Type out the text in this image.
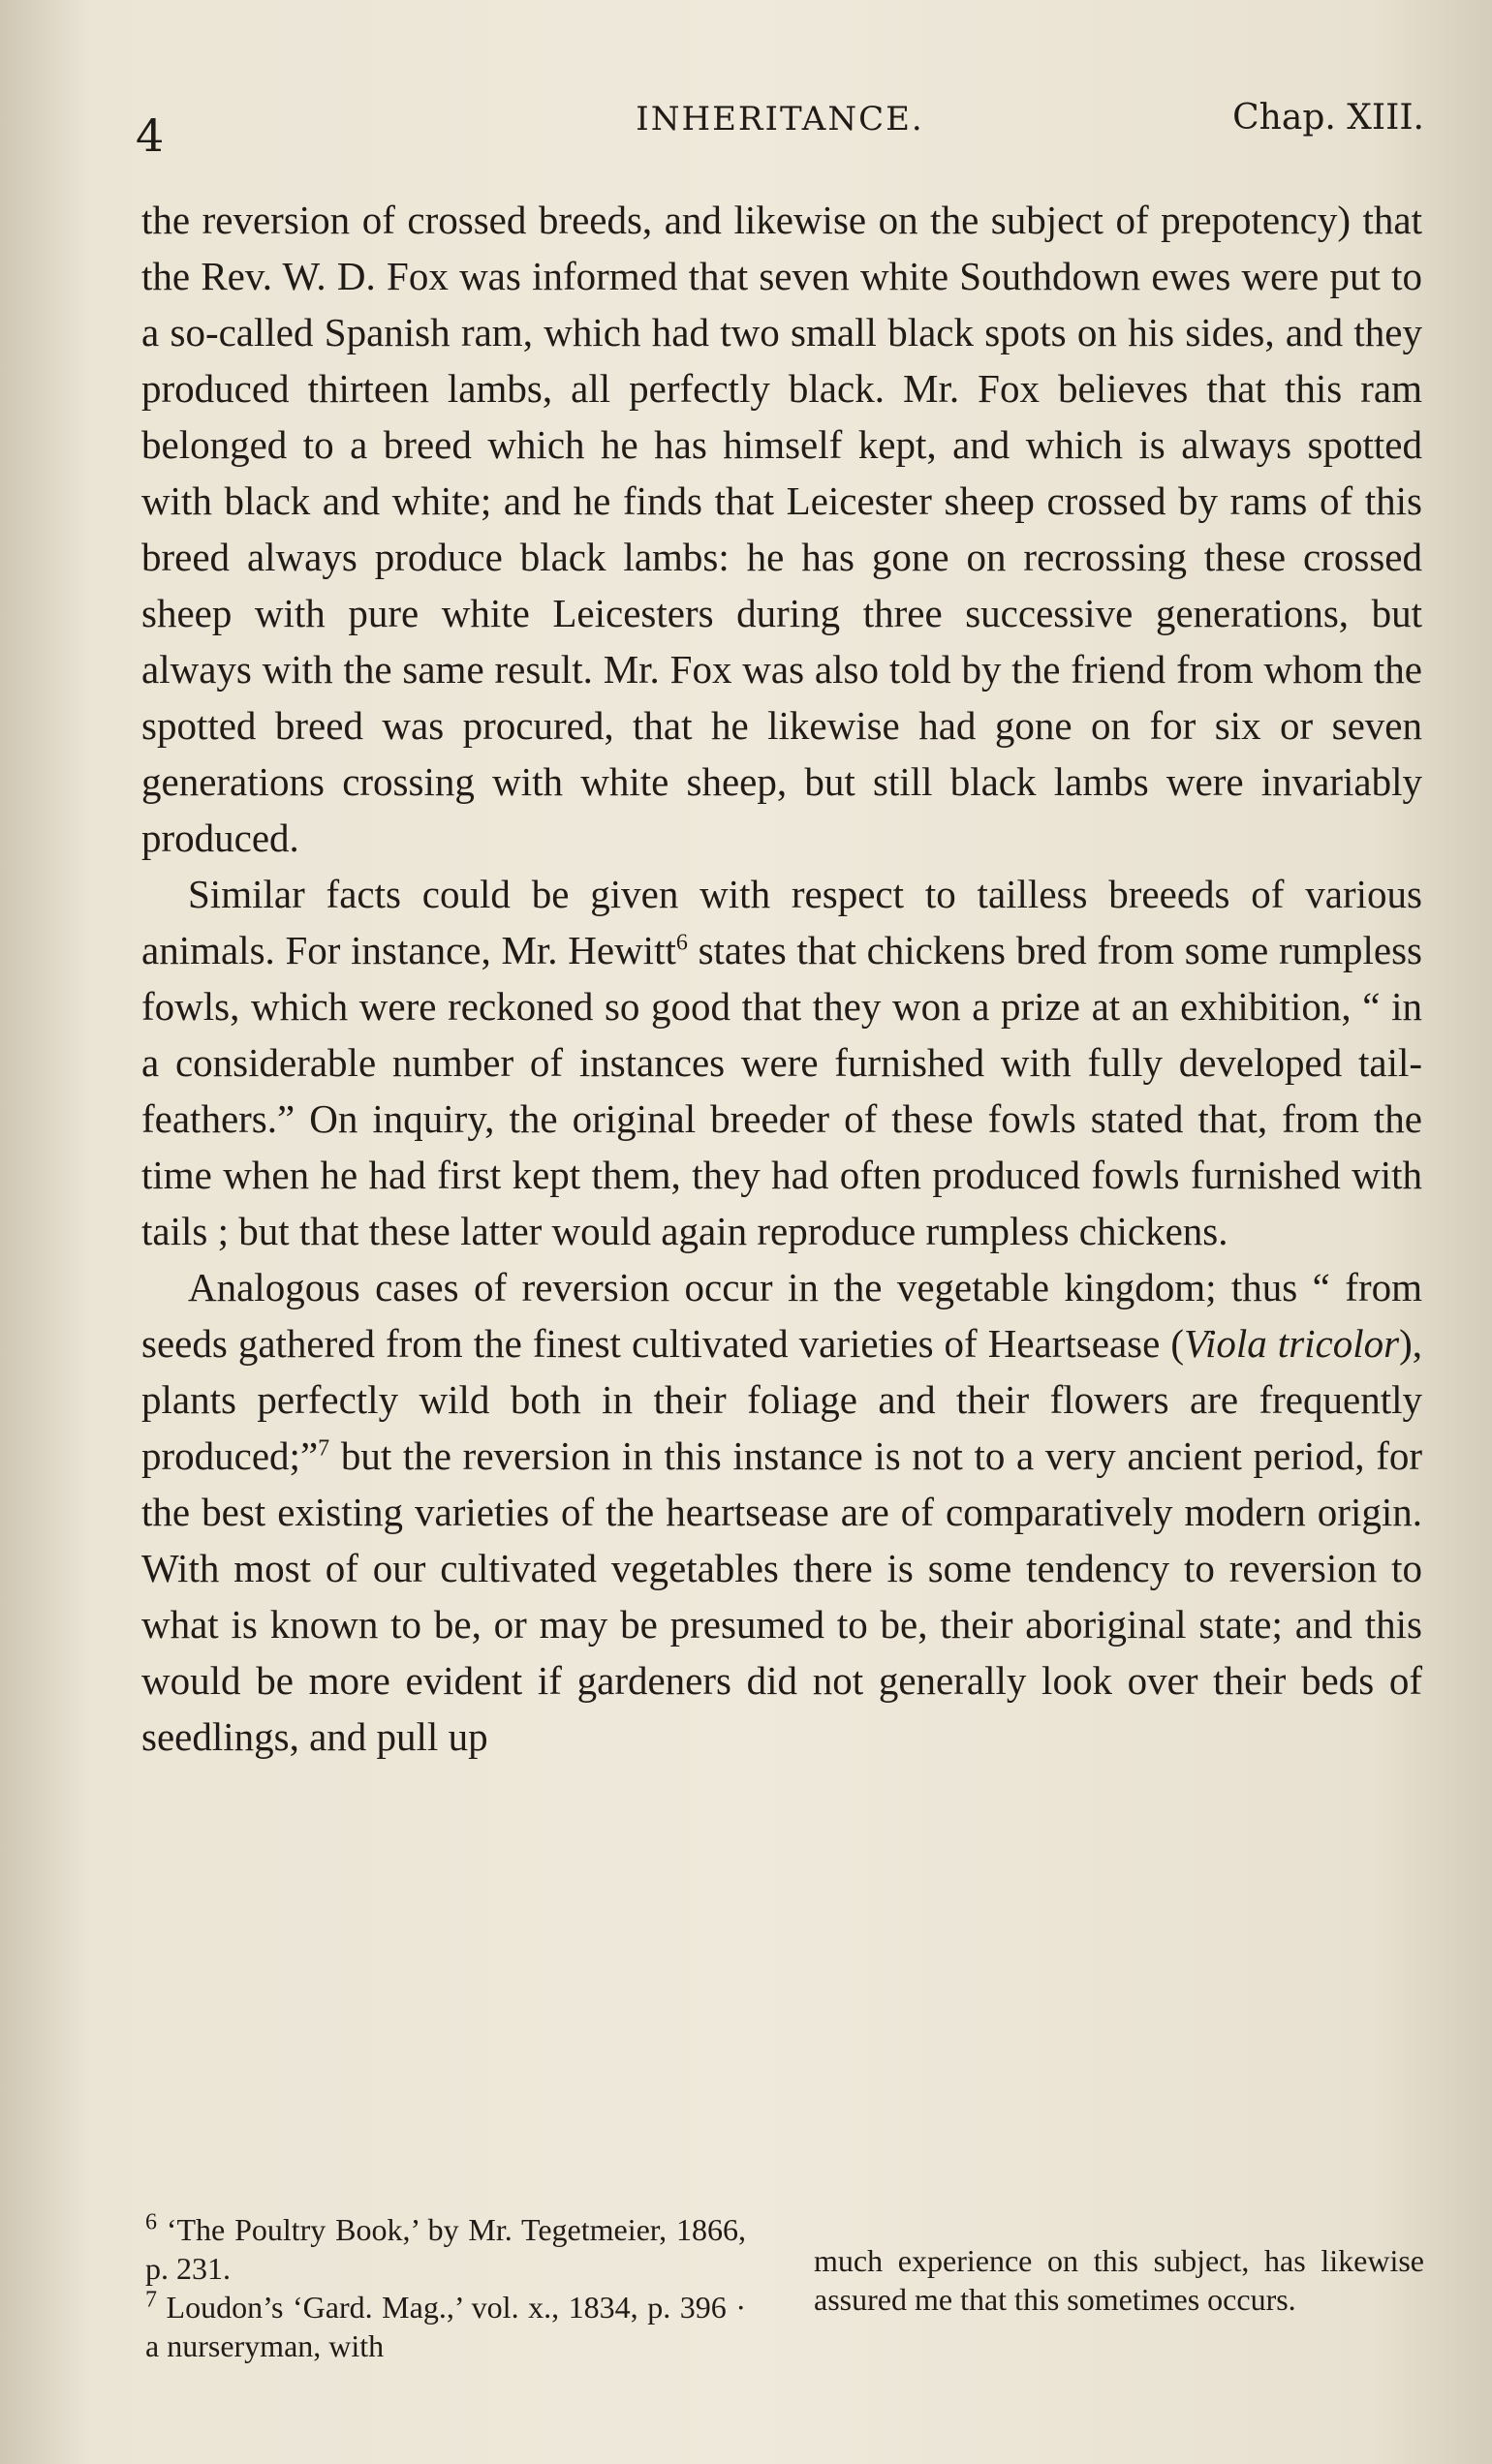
4	INHERITANCE.	Chap. XIII.

the reversion of crossed breeds, and likewise on the subject of prepotency) that the Rev. W. D. Fox was informed that seven white Southdown ewes were put to a so-called Spanish ram, which had two small black spots on his sides, and they produced thirteen lambs, all perfectly black. Mr. Fox believes that this ram belonged to a breed which he has himself kept, and which is always spotted with black and white; and he finds that Leicester sheep crossed by rams of this breed always produce black lambs: he has gone on recrossing these crossed sheep with pure white Leicesters during three successive generations, but always with the same result. Mr. Fox was also told by the friend from whom the spotted breed was procured, that he likewise had gone on for six or seven generations crossing with white sheep, but still black lambs were invariably produced.

Similar facts could be given with respect to tailless breeeds of various animals. For instance, Mr. Hewitt$^6$ states that chickens bred from some rumpless fowls, which were reckoned so good that they won a prize at an exhibition, “ in a considerable number of instances were furnished with fully developed tail-feathers.” On inquiry, the original breeder of these fowls stated that, from the time when he had first kept them, they had often produced fowls furnished with tails ; but that these latter would again reproduce rumpless chickens.

Analogous cases of reversion occur in the vegetable kingdom; thus “ from seeds gathered from the finest cultivated varieties of Heartsease (Viola tricolor), plants perfectly wild both in their foliage and their flowers are frequently produced;”$^7$ but the reversion in this instance is not to a very ancient period, for the best existing varieties of the heartsease are of comparatively modern origin. With most of our cultivated vegetables there is some tendency to reversion to what is known to be, or may be presumed to be, their aboriginal state; and this would be more evident if gardeners did not generally look over their beds of seedlings, and pull up

$^6$ ‘The Poultry Book,’ by Mr. Tegetmeier, 1866, p. 231.

$^7$ Loudon’s ‘Gard. Mag.,’ vol. x., 1834, p. 396 · a nurseryman, with

much experience on this subject, has likewise assured me that this sometimes occurs.
